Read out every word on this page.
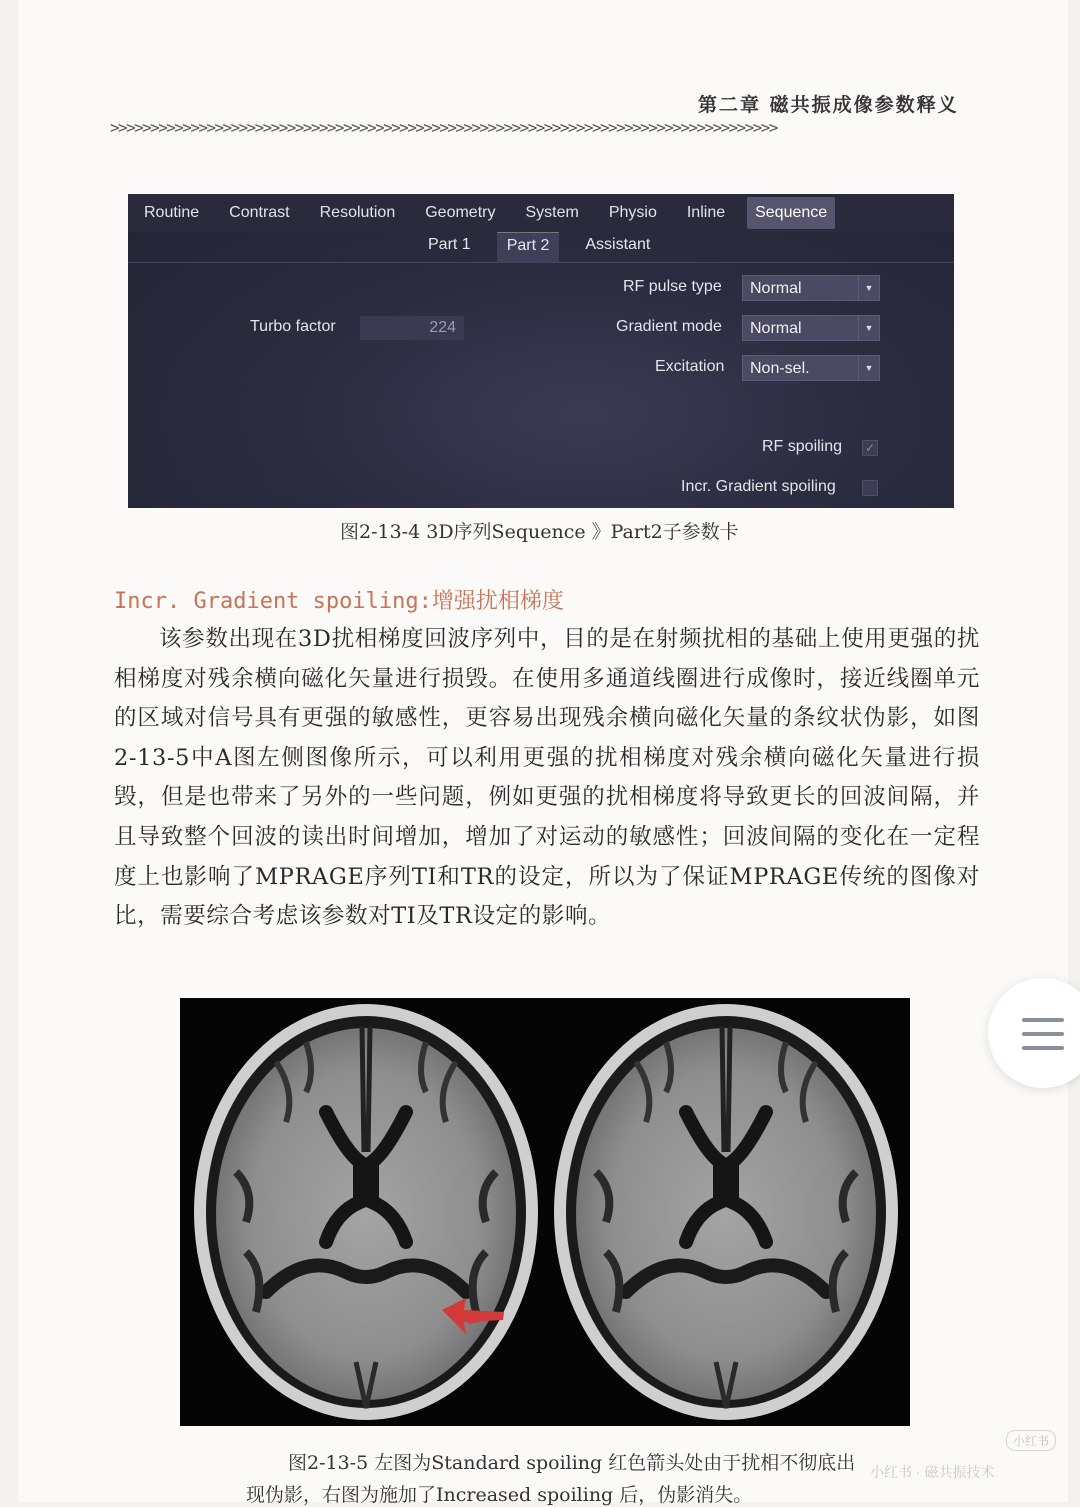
第二章 磁共振成像参数释义
>>>>>>>>>>>>>>>>>>>>>>>>>>>>>>>>>>>>>>>>>>>>>>>>>>>>>>>>>>>>>>>>>>>>>>>>>>>>>>>>>>>
Routine	Contrast	Resolution	Geometry	System	Physio	Inline	Sequence
Part 1	Part 2	Assistant
Turbo factor	224
RF pulse type	Normal	▼
Gradient mode	Normal	▼
Excitation	Non-sel.	▼
RF spoiling ✓
Incr. Gradient spoiling
图2-13-4 3D序列Sequence 》Part2子参数卡
Incr. Gradient spoiling:增强扰相梯度

该参数出现在3D扰相梯度回波序列中，目的是在射频扰相的基础上使用更强的扰相梯度对残余横向磁化矢量进行损毁。在使用多通道线圈进行成像时，接近线圈单元的区域对信号具有更强的敏感性，更容易出现残余横向磁化矢量的条纹状伪影，如图2-13-5中A图左侧图像所示，可以利用更强的扰相梯度对残余横向磁化矢量进行损毁，但是也带来了另外的一些问题，例如更强的扰相梯度将导致更长的回波间隔，并且导致整个回波的读出时间增加，增加了对运动的敏感性；回波间隔的变化在一定程度上也影响了MPRAGE序列TI和TR的设定，所以为了保证MPRAGE传统的图像对比，需要综合考虑该参数对TI及TR设定的影响。

图2-13-5 左图为Standard spoiling 红色箭头处由于扰相不彻底出
现伪影，右图为施加了Increased spoiling 后，伪影消失。
小红书
小红书 · 磁共振技术
